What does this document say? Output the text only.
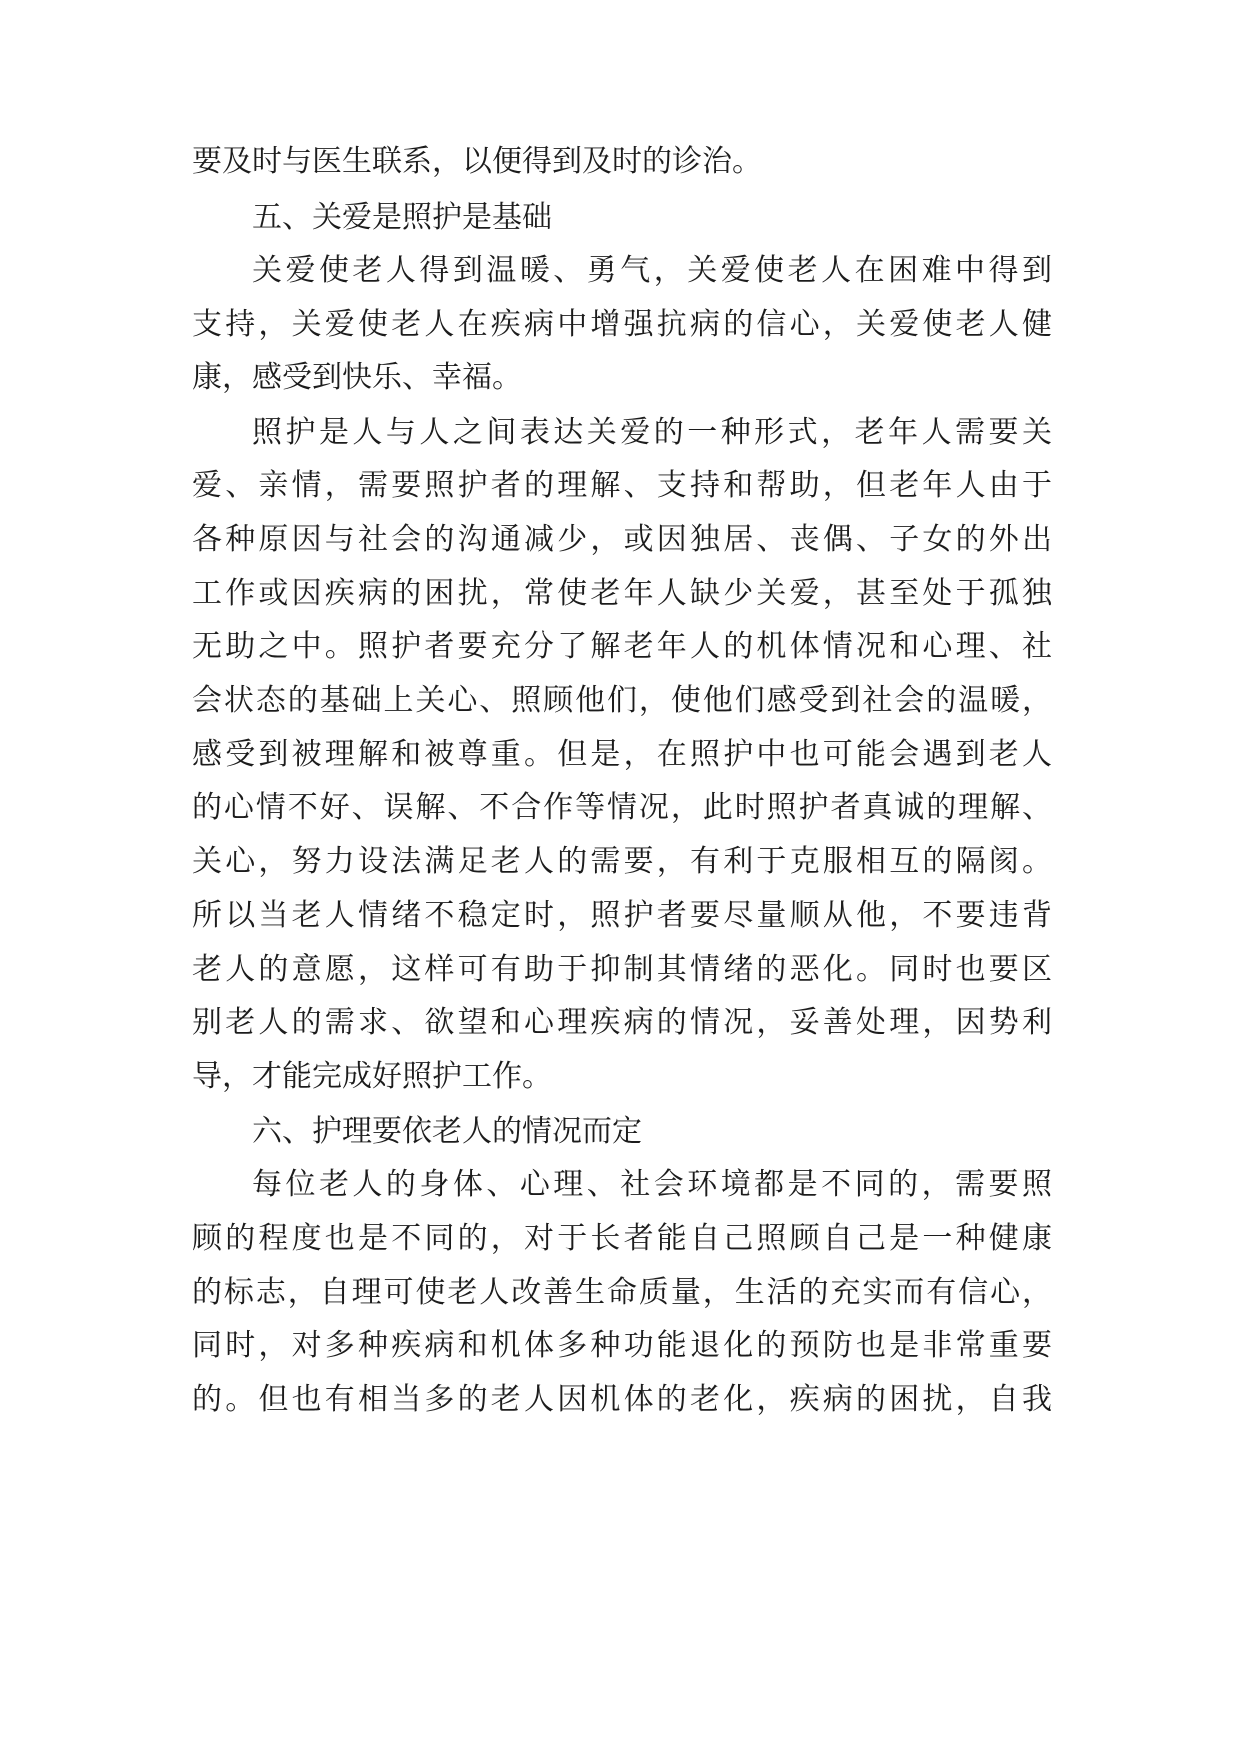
要及时与医生联系，以便得到及时的诊治。

五、关爱是照护是基础

关爱使老人得到温暖、勇气，关爱使老人在困难中得到

支持，关爱使老人在疾病中增强抗病的信心，关爱使老人健

康，感受到快乐、幸福。

照护是人与人之间表达关爱的一种形式，老年人需要关

爱、亲情，需要照护者的理解、支持和帮助，但老年人由于

各种原因与社会的沟通减少，或因独居、丧偶、子女的外出

工作或因疾病的困扰，常使老年人缺少关爱，甚至处于孤独

无助之中。照护者要充分了解老年人的机体情况和心理、社

会状态的基础上关心、照顾他们，使他们感受到社会的温暖，

感受到被理解和被尊重。但是，在照护中也可能会遇到老人

的心情不好、误解、不合作等情况，此时照护者真诚的理解、

关心，努力设法满足老人的需要，有利于克服相互的隔阂。

所以当老人情绪不稳定时，照护者要尽量顺从他，不要违背

老人的意愿，这样可有助于抑制其情绪的恶化。同时也要区

别老人的需求、欲望和心理疾病的情况，妥善处理，因势利

导，才能完成好照护工作。

六、护理要依老人的情况而定

每位老人的身体、心理、社会环境都是不同的，需要照

顾的程度也是不同的，对于长者能自己照顾自己是一种健康

的标志，自理可使老人改善生命质量，生活的充实而有信心，

同时，对多种疾病和机体多种功能退化的预防也是非常重要

的。但也有相当多的老人因机体的老化，疾病的困扰，自我
